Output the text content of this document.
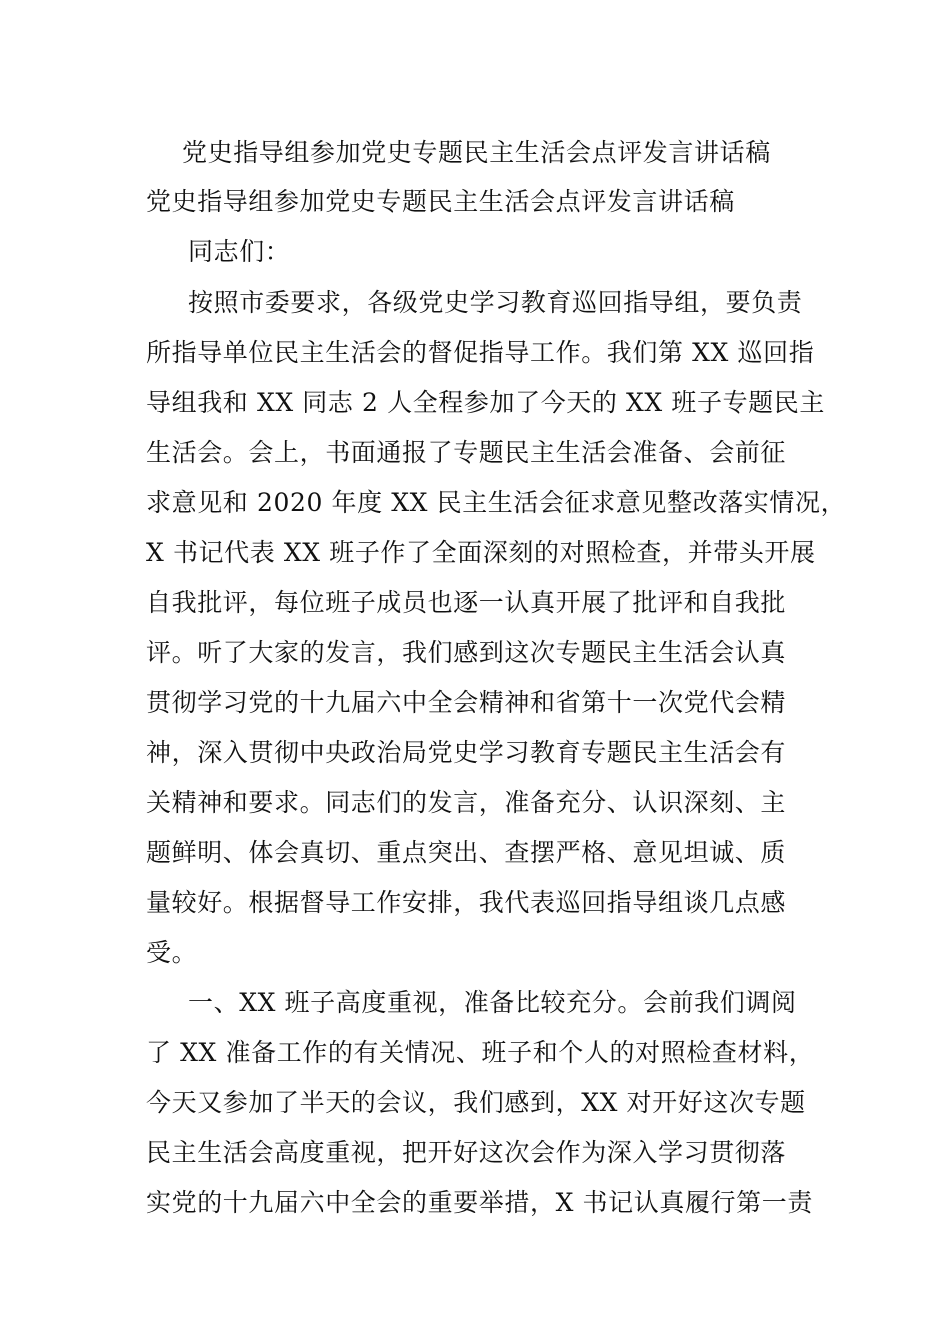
党史指导组参加党史专题民主生活会点评发言讲话稿
党史指导组参加党史专题民主生活会点评发言讲话稿
同志们：
按照市委要求，各级党史学习教育巡回指导组，要负责
所指导单位民主生活会的督促指导工作。我们第 XX 巡回指
导组我和 XX 同志 2 人全程参加了今天的 XX 班子专题民主
生活会。会上，书面通报了专题民主生活会准备、会前征
求意见和 2020 年度 XX 民主生活会征求意见整改落实情况，
X 书记代表 XX 班子作了全面深刻的对照检查，并带头开展
自我批评，每位班子成员也逐一认真开展了批评和自我批
评。听了大家的发言，我们感到这次专题民主生活会认真
贯彻学习党的十九届六中全会精神和省第十一次党代会精
神，深入贯彻中央政治局党史学习教育专题民主生活会有
关精神和要求。同志们的发言，准备充分、认识深刻、主
题鲜明、体会真切、重点突出、查摆严格、意见坦诚、质
量较好。根据督导工作安排，我代表巡回指导组谈几点感
受。
一、XX 班子高度重视，准备比较充分。会前我们调阅
了 XX 准备工作的有关情况、班子和个人的对照检查材料，
今天又参加了半天的会议，我们感到，XX 对开好这次专题
民主生活会高度重视，把开好这次会作为深入学习贯彻落
实党的十九届六中全会的重要举措，X 书记认真履行第一责
